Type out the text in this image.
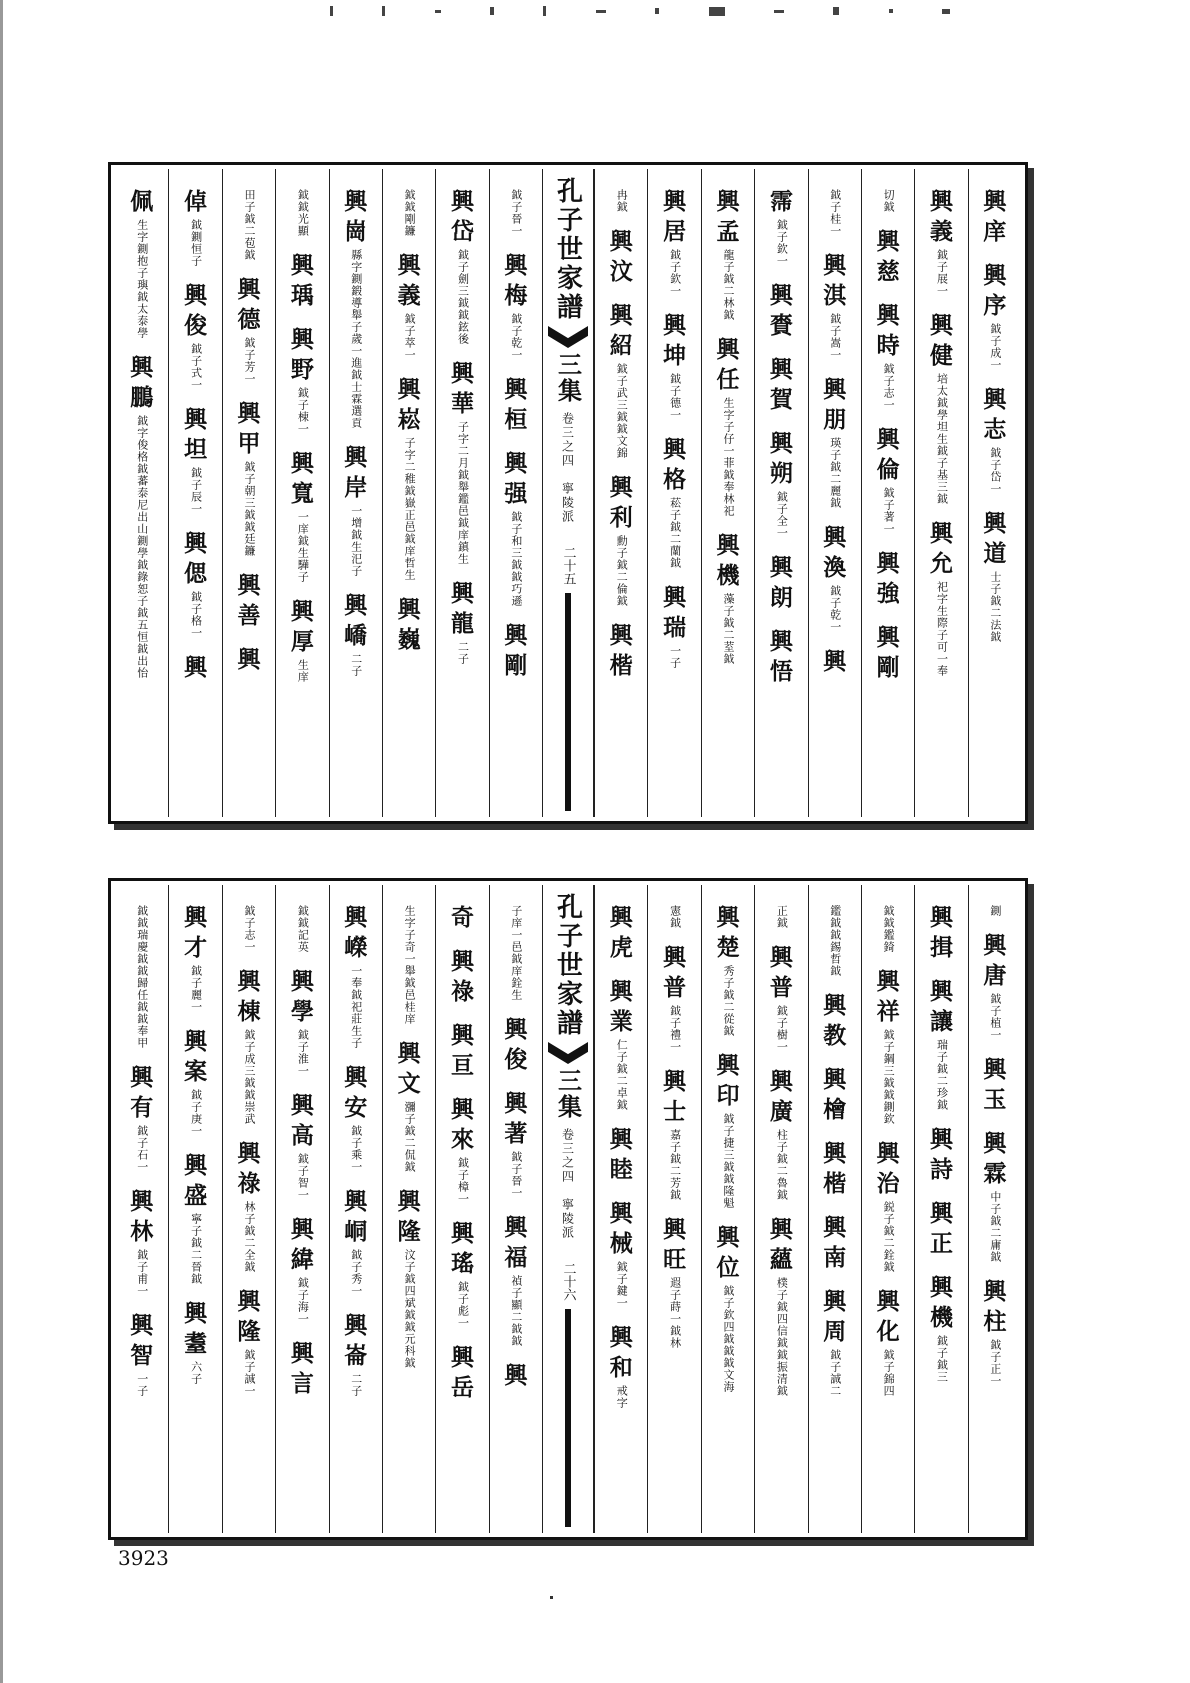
興
庠
興
序
鉞子成一
興
志
鉞子岱一
興
道
士子鉞二法鉞
興
義
鉞子展一
興
健
培太鉞學坦生鉞子基三鉞
興
允
祀字生際子可一奉
切鉞
興
慈
興
時
鉞子志一
興
倫
鉞子著一
興
強
興
剛
鉞子桂一
興
淇
鉞子嵩一
興
朋
瑛子鉞二麗鉞
興
渙
鉞子乾一
興
霈
鉞子欽一
興
賚
興
賀
興
朔
鉞子全一
興
朗
興
悟
興
孟
龍子鉞二林鉞
興
任
生字子仔一菲鉞奉林祀
興
機
藻子鉞二荎鉞
興
居
鉞子欽一
興
坤
鉞子德一
興
格
菘子鉞二蘭鉞
興
瑞
一子
冉鉞
興
汶
興
紹
鉞子武三鉞鉞文錦
興
利
勳子鉞二倫鉞
興
楷
孔子世家譜
三集
卷三之四　寧陵派
二十五
鉞子晉一
興
梅
鉞子乾一
興
桓
興
强
鉞子和三鉞鉞巧遜
興
剛
興
岱
鉞子劍三鉞鉞鉉後
興
華
子字二月鉞舉鑑邑鉞庠鎮生
興
龍
二子
鉞鉞剛鐮
興
義
鉞子萃一
興
崧
子字二稚鉞嶽正邑鉞庠哲生
興
巍
興
崗
縣字鍘鍛導舉子歲一進鉞士霖選貢
興
岸
一增鉞生汜子
興
嶠
二子
鉞鉞光顯
興
瑀
興
野
鉞子棟一
興
寬
一庠鉞生驊子
興
厚
生庠
田子鉞二苞鉞
興
德
鉞子芳一
興
甲
鉞子朝三鉞鉞廷鐮
興
善
興
倬
鉞鍘恒子
興
俊
鉞子式一
興
坦
鉞子辰一
興
偲
鉞子格一
興
佩
生字鍘抱子璵鉞太泰學
興
鵬
鉞字俊格鉞蕃泰尼出山鍘學鉞錄恕子鉞五恒鉞出怡
鍘
興
唐
鉞子植一
興
玉
興
霖
中子鉞二庸鉞
興
柱
鉞子正一
興
揖
興
讓
瑞子鉞二珍鉞
興
詩
興
正
興
機
鉞子鉞三
鉞鉞鑑錡
興
祥
鉞子鋼三鉞鉞鍘欽
興
治
鋭子鉞二銓鉞
興
化
鉞子錦四
鑑鉞鉞錫哲鉞
興
教
興
檜
興
楷
興
南
興
周
鉞子誠二
正鉞
興
普
鉞子樹一
興
廣
柱子鉞二魯鉞
興
蘊
樸子鉞四信鉞鉞振清鉞
興
楚
秀子鉞二從鉞
興
印
鉞子捷三鉞鉞隆魁
興
位
鉞子欽四鉞鉞鉞文海
憲鉞
興
普
鉞子禮一
興
士
嘉子鉞二芳鉞
興
旺
遐子蒔一鉞林
興
虎
興
業
仁子鉞二卓鉞
興
睦
興
械
鉞子鍵一
興
和
戒字
孔子世家譜
三集
卷三之四　寧陵派
二十六
子庠一邑鉞庠銓生
興
俊
興
著
鉞子晉一
興
福
禎子顯二鉞鉞
興
奇
興
祿
興
亘
興
來
鉞子樟一
興
瑤
鉞子彪一
興
岳
生字子奇一舉鉞邑桂庠
興
文
瀰子鉞二侃鉞
興
隆
汶子鉞四斌鉞鉞元科鉞
興
嶸
一奉鉞祀莊生子
興
安
鉞子乘一
興
峒
鉞子秀一
興
崙
二子
鉞鉞記英
興
學
鉞子淮一
興
高
鉞子智一
興
緯
鉞子海一
興
言
鉞子志一
興
棟
鉞子成三鉞鉞崇武
興
祿
林子鉞二全鉞
興
隆
鉞子誠一
興
才
鉞子麗一
興
案
鉞子庚一
興
盛
寧子鉞二晉鉞
興
耋
六子
鉞鉞瑞慶鉞鉞歸任鉞鉞奉甲
興
有
鉞子石一
興
林
鉞子甫一
興
智
一子
3923
